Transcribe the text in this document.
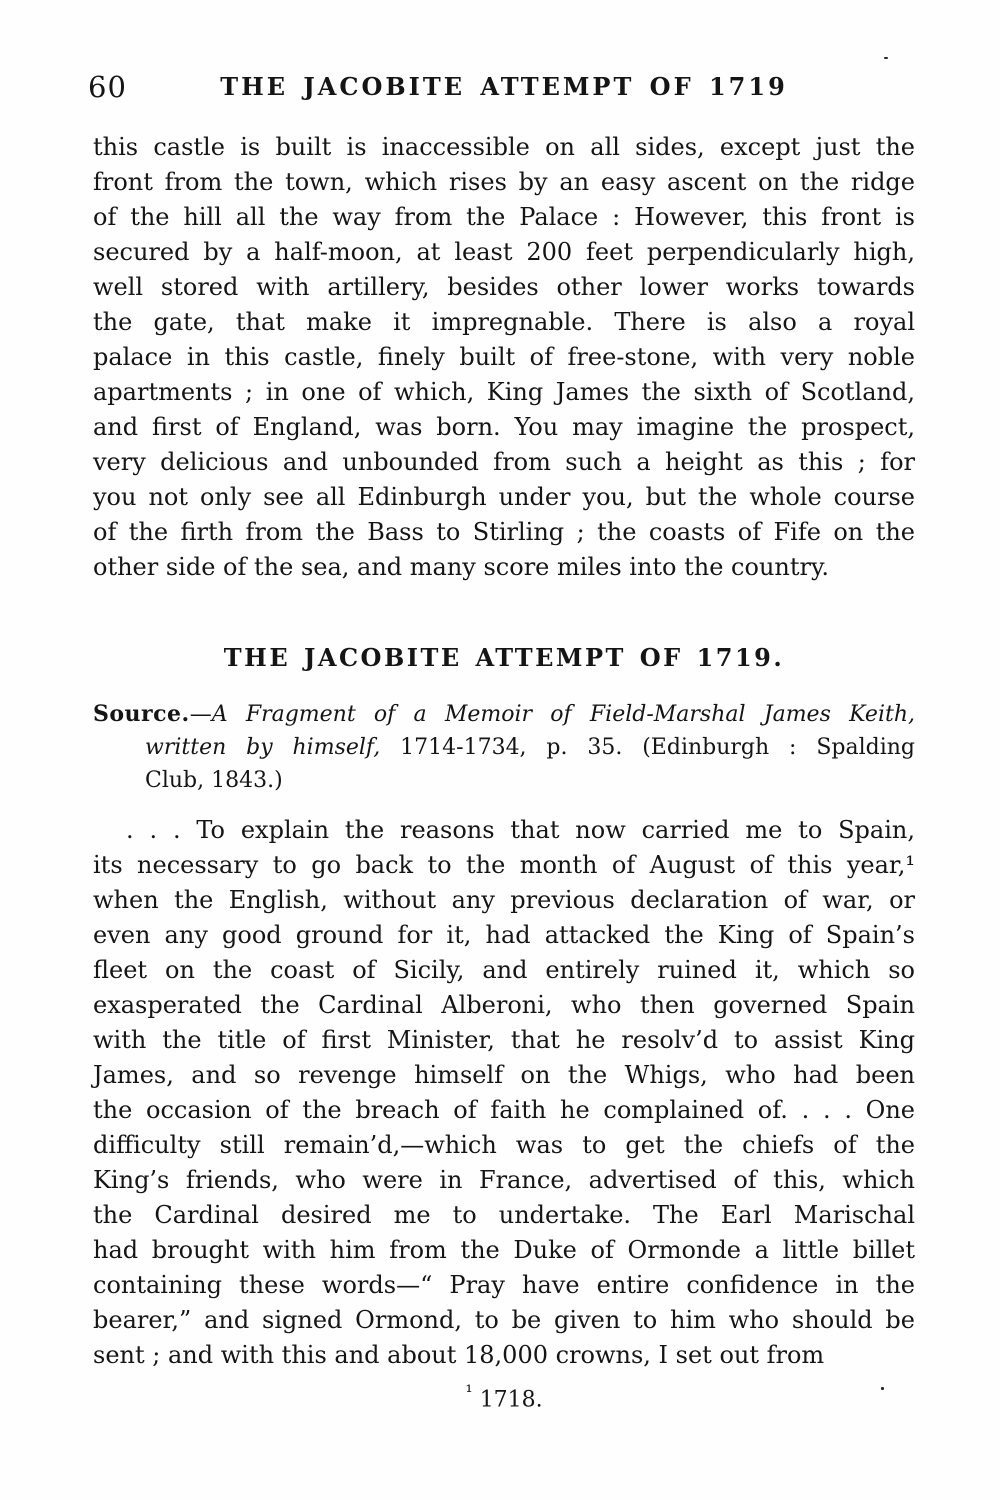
60	THE JACOBITE ATTEMPT OF 1719
this castle is built is inaccessible on all sides, except just the
front from the town, which rises by an easy ascent on the ridge
of the hill all the way from the Palace : However, this front is
secured by a half-moon, at least 200 feet perpendicularly high,
well stored with artillery, besides other lower works towards
the gate, that make it impregnable. There is also a royal
palace in this castle, finely built of free-stone, with very noble
apartments ; in one of which, King James the sixth of Scotland,
and first of England, was born. You may imagine the prospect,
very delicious and unbounded from such a height as this ; for
you not only see all Edinburgh under you, but the whole course
of the firth from the Bass to Stirling ; the coasts of Fife on the
other side of the sea, and many score miles into the country.
THE JACOBITE ATTEMPT OF 1719.
Source.—A Fragment of a Memoir of Field-Marshal James Keith,
written by himself, 1714-1734, p. 35. (Edinburgh : Spalding
Club, 1843.)
. . . To explain the reasons that now carried me to Spain,
its necessary to go back to the month of August of this year,¹
when the English, without any previous declaration of war, or
even any good ground for it, had attacked the King of Spain’s
fleet on the coast of Sicily, and entirely ruined it, which so
exasperated the Cardinal Alberoni, who then governed Spain
with the title of first Minister, that he resolv’d to assist King
James, and so revenge himself on the Whigs, who had been
the occasion of the breach of faith he complained of. . . . One
difficulty still remain’d,—which was to get the chiefs of the
King’s friends, who were in France, advertised of this, which
the Cardinal desired me to undertake. The Earl Marischal
had brought with him from the Duke of Ormonde a little billet
containing these words—“ Pray have entire confidence in the
bearer,” and signed Ormond, to be given to him who should be
sent ; and with this and about 18,000 crowns, I set out from
$^{^1}$ 1718.
